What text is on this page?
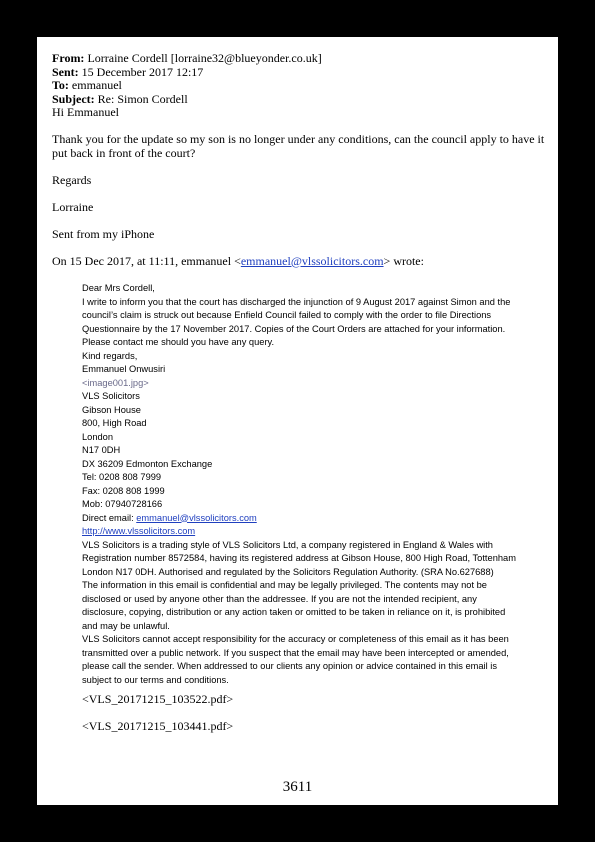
From: Lorraine Cordell [lorraine32@blueyonder.co.uk]
Sent: 15 December 2017 12:17
To: emmanuel
Subject: Re: Simon Cordell

Hi Emmanuel

Thank you for the update so my son is no longer under any conditions, can the council apply to have it put back in front of the court?

Regards

Lorraine

Sent from my iPhone

On 15 Dec 2017, at 11:11, emmanuel <emmanuel@vlssolicitors.com> wrote:

Dear Mrs Cordell,
I write to inform you that the court has discharged the injunction of 9 August 2017 against Simon and the council’s claim is struck out because Enfield Council failed to comply with the order to file Directions Questionnaire by the 17 November 2017. Copies of the Court Orders are attached for your information.
Please contact me should you have any query.
Kind regards,
Emmanuel Onwusiri
<image001.jpg>
VLS Solicitors
Gibson House
800, High Road
London
N17 0DH
DX 36209 Edmonton Exchange
Tel: 0208 808 7999
Fax: 0208 808 1999
Mob: 07940728166
Direct email: emmanuel@vlssolicitors.com
http://www.vlssolicitors.com
VLS Solicitors is a trading style of VLS Solicitors Ltd, a company registered in England & Wales with Registration number 8572584, having its registered address at Gibson House, 800 High Road, Tottenham London N17 0DH. Authorised and regulated by the Solicitors Regulation Authority. (SRA No.627688)
The information in this email is confidential and may be legally privileged. The contents may not be disclosed or used by anyone other than the addressee. If you are not the intended recipient, any disclosure, copying, distribution or any action taken or omitted to be taken in reliance on it, is prohibited and may be unlawful.
VLS Solicitors cannot accept responsibility for the accuracy or completeness of this email as it has been transmitted over a public network. If you suspect that the email may have been intercepted or amended, please call the sender. When addressed to our clients any opinion or advice contained in this email is subject to our terms and conditions.

<VLS_20171215_103522.pdf>

<VLS_20171215_103441.pdf>

3611
